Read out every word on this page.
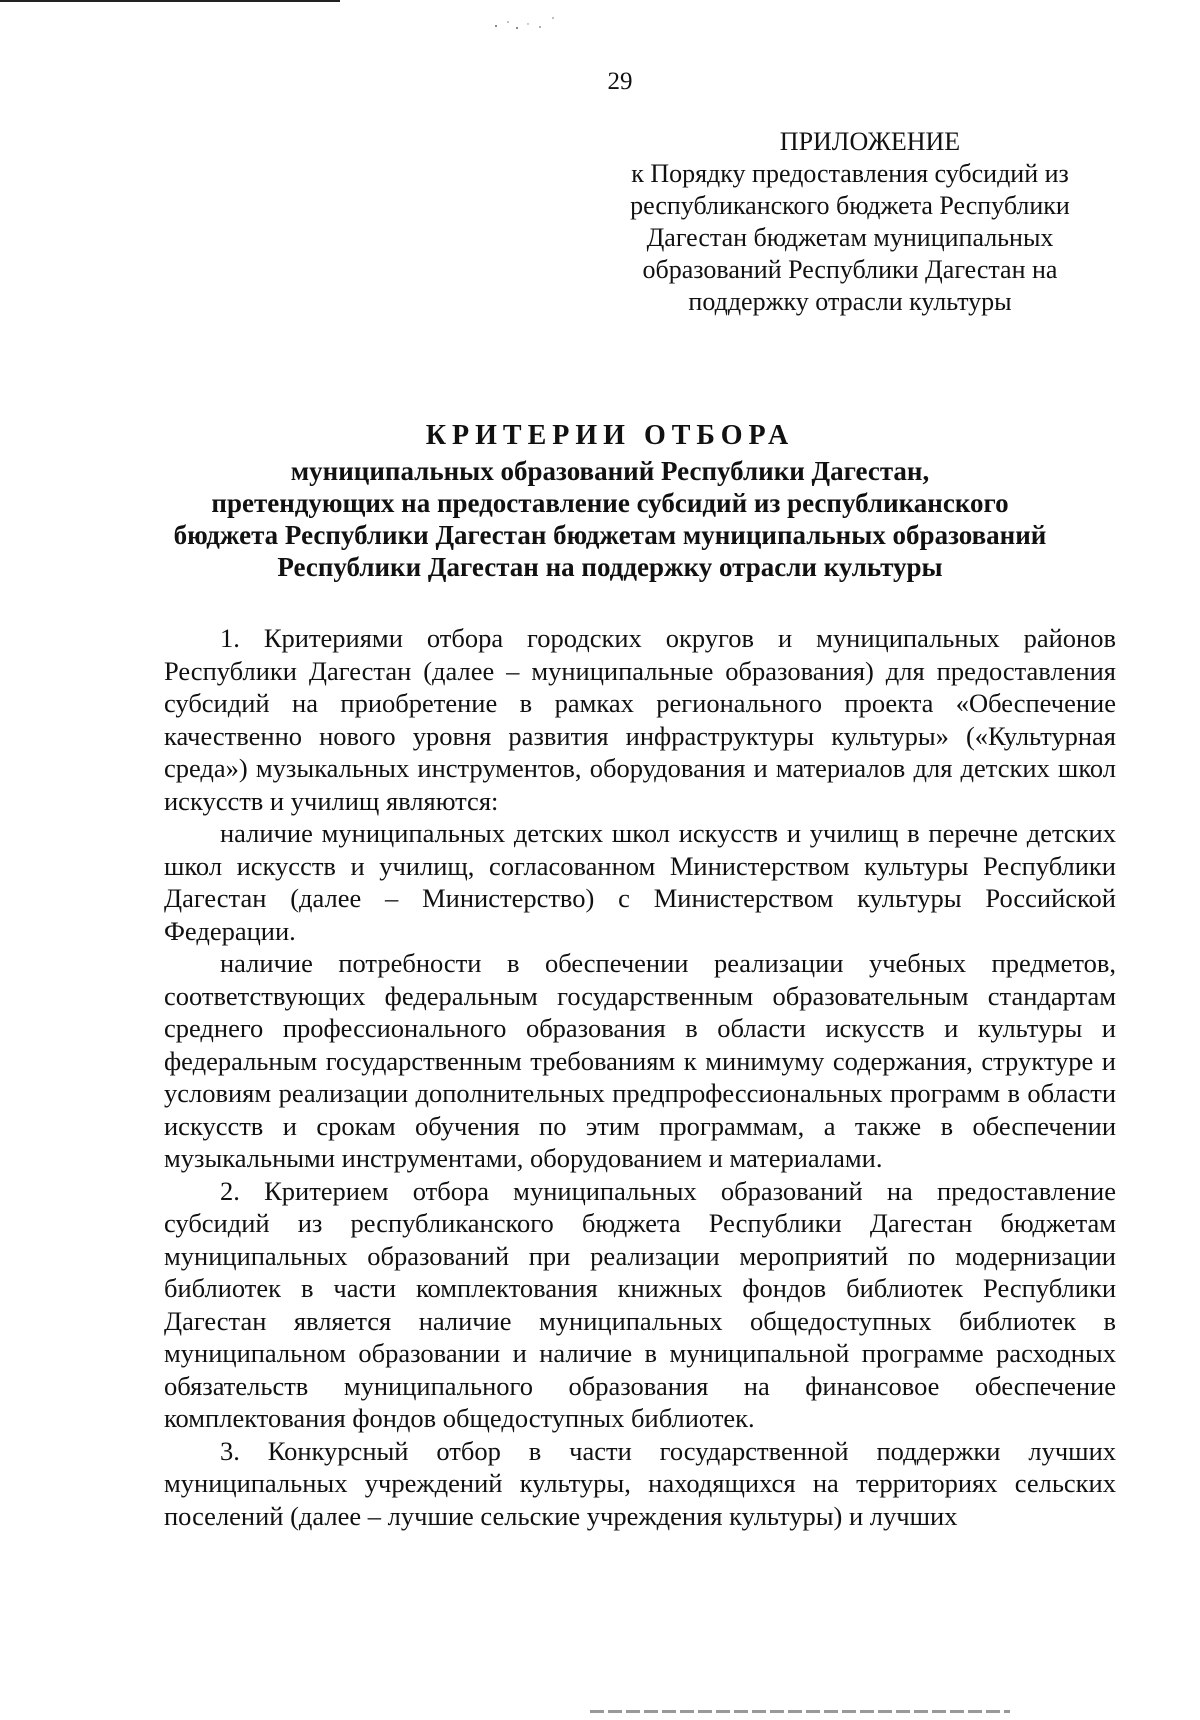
29
ПРИЛОЖЕНИЕ
к Порядку предоставления субсидий из
республиканского бюджета Республики
Дагестан бюджетам муниципальных
образований Республики Дагестан на
поддержку отрасли культуры
КРИТЕРИИ ОТБОРА
муниципальных образований Республики Дагестан,
претендующих на предоставление субсидий из республиканского
бюджета Республики Дагестан бюджетам муниципальных образований
Республики Дагестан на поддержку отрасли культуры

1. Критериями отбора городских округов и муниципальных районов Республики Дагестан (далее – муниципальные образования) для предоставления субсидий на приобретение в рамках регионального проекта «Обеспечение качественно нового уровня развития инфраструктуры культуры» («Культурная среда») музыкальных инструментов, оборудования и материалов для детских школ искусств и училищ являются:

наличие муниципальных детских школ искусств и училищ в перечне детских школ искусств и училищ, согласованном Министерством культуры Республики Дагестан (далее – Министерство) с Министерством культуры Российской Федерации.

наличие потребности в обеспечении реализации учебных предметов, соответствующих федеральным государственным образовательным стандартам среднего профессионального образования в области искусств и культуры и федеральным государственным требованиям к минимуму содержания, структуре и условиям реализации дополнительных предпрофессиональных программ в области искусств и срокам обучения по этим программам, а также в обеспечении музыкальными инструментами, оборудованием и материалами.

2. Критерием отбора муниципальных образований на предоставление субсидий из республиканского бюджета Республики Дагестан бюджетам муниципальных образований при реализации мероприятий по модернизации библиотек в части комплектования книжных фондов библиотек Республики Дагестан является наличие муниципальных общедоступных библиотек в муниципальном образовании и наличие в муниципальной программе расходных обязательств муниципального образования на финансовое обеспечение комплектования фондов общедоступных библиотек.

3. Конкурсный отбор в части государственной поддержки лучших муниципальных учреждений культуры, находящихся на территориях сельских поселений (далее – лучшие сельские учреждения культуры) и лучших
